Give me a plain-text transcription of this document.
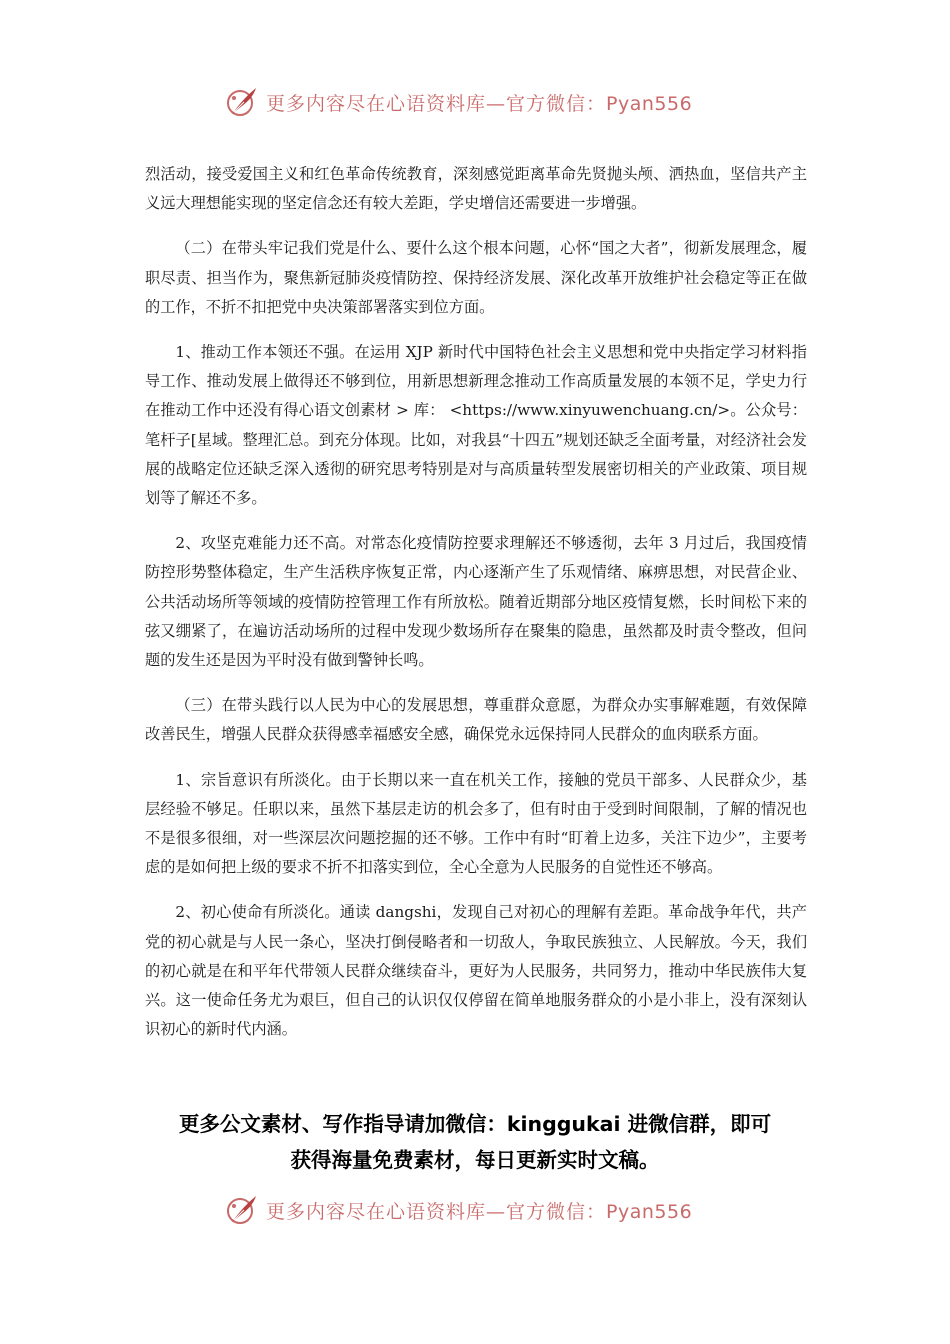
更多内容尽在心语资料库—官方微信：Pyan556

烈活动，接受爱国主义和红色革命传统教育，深刻感觉距离革命先贤抛头颅、洒热血，坚信共产主义远大理想能实现的坚定信念还有较大差距，学史增信还需要进一步增强。

（二）在带头牢记我们党是什么、要什么这个根本问题，心怀“国之大者”，彻新发展理念，履职尽责、担当作为，聚焦新冠肺炎疫情防控、保持经济发展、深化改革开放维护社会稳定等正在做的工作，不折不扣把党中央决策部署落实到位方面。

1、推动工作本领还不强。在运用 XJP 新时代中国特色社会主义思想和党中央指定学习材料指导工作、推动发展上做得还不够到位，用新思想新理念推动工作高质量发展的本领不足，学史力行在推动工作中还没有得心语文创素材 > 库： <https://www.xinyuwenchuang.cn/>。公众号：笔杆子[星域。整理汇总。到充分体现。比如，对我县“十四五”规划还缺乏全面考量，对经济社会发展的战略定位还缺乏深入透彻的研究思考特别是对与高质量转型发展密切相关的产业政策、项目规划等了解还不多。

2、攻坚克难能力还不高。对常态化疫情防控要求理解还不够透彻，去年 3 月过后，我国疫情防控形势整体稳定，生产生活秩序恢复正常，内心逐渐产生了乐观情绪、麻痹思想，对民营企业、公共活动场所等领域的疫情防控管理工作有所放松。随着近期部分地区疫情复燃，长时间松下来的弦又绷紧了，在遍访活动场所的过程中发现少数场所存在聚集的隐患，虽然都及时责令整改，但问题的发生还是因为平时没有做到警钟长鸣。

（三）在带头践行以人民为中心的发展思想，尊重群众意愿，为群众办实事解难题，有效保障改善民生，增强人民群众获得感幸福感安全感，确保党永远保持同人民群众的血肉联系方面。

1、宗旨意识有所淡化。由于长期以来一直在机关工作，接触的党员干部多、人民群众少，基层经验不够足。任职以来，虽然下基层走访的机会多了，但有时由于受到时间限制，了解的情况也不是很多很细，对一些深层次问题挖掘的还不够。工作中有时“盯着上边多，关注下边少”，主要考虑的是如何把上级的要求不折不扣落实到位，全心全意为人民服务的自觉性还不够高。

2、初心使命有所淡化。通读 dangshi，发现自己对初心的理解有差距。革命战争年代，共产党的初心就是与人民一条心，坚决打倒侵略者和一切敌人，争取民族独立、人民解放。今天，我们的初心就是在和平年代带领人民群众继续奋斗，更好为人民服务，共同努力，推动中华民族伟大复兴。这一使命任务尤为艰巨，但自己的认识仅仅停留在简单地服务群众的小是小非上，没有深刻认识初心的新时代内涵。

更多公文素材、写作指导请加微信：kinggukai 进微信群，即可
获得海量免费素材，每日更新实时文稿。
更多内容尽在心语资料库—官方微信：Pyan556
